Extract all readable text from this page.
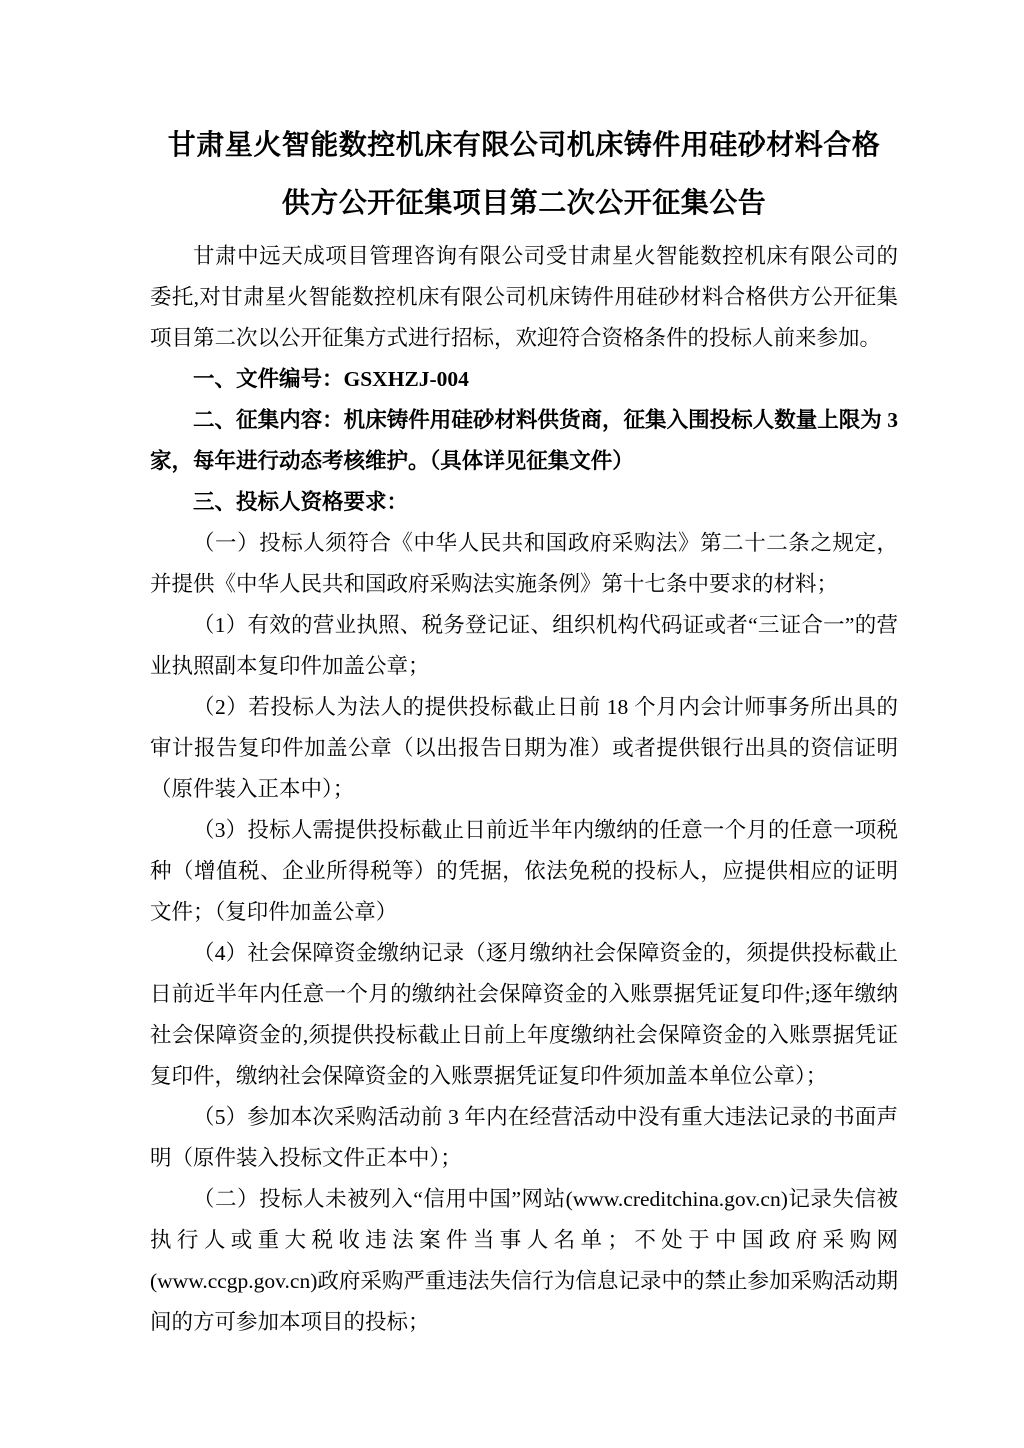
甘肃星火智能数控机床有限公司机床铸件用硅砂材料合格
供方公开征集项目第二次公开征集公告

甘肃中远天成项目管理咨询有限公司受甘肃星火智能数控机床有限公司的委托,对甘肃星火智能数控机床有限公司机床铸件用硅砂材料合格供方公开征集项目第二次以公开征集方式进行招标，欢迎符合资格条件的投标人前来参加。

一、文件编号：GSXHZJ-004

二、征集内容：机床铸件用硅砂材料供货商，征集入围投标人数量上限为 3 家，每年进行动态考核维护。（具体详见征集文件）

三、投标人资格要求：

（一）投标人须符合《中华人民共和国政府采购法》第二十二条之规定，并提供《中华人民共和国政府采购法实施条例》第十七条中要求的材料；

（1）有效的营业执照、税务登记证、组织机构代码证或者“三证合一”的营业执照副本复印件加盖公章；

（2）若投标人为法人的提供投标截止日前 18 个月内会计师事务所出具的审计报告复印件加盖公章（以出报告日期为准）或者提供银行出具的资信证明（原件装入正本中）；

（3）投标人需提供投标截止日前近半年内缴纳的任意一个月的任意一项税种（增值税、企业所得税等）的凭据，依法免税的投标人，应提供相应的证明文件；（复印件加盖公章）

（4）社会保障资金缴纳记录（逐月缴纳社会保障资金的，须提供投标截止日前近半年内任意一个月的缴纳社会保障资金的入账票据凭证复印件;逐年缴纳社会保障资金的,须提供投标截止日前上年度缴纳社会保障资金的入账票据凭证复印件，缴纳社会保障资金的入账票据凭证复印件须加盖本单位公章）；

（5）参加本次采购活动前 3 年内在经营活动中没有重大违法记录的书面声明（原件装入投标文件正本中）；

（二）投标人未被列入“信用中国”网站(www.creditchina.gov.cn)记录失信被执行人或重大税收违法案件当事人名单；不处于中国政府采购网(www.ccgp.gov.cn)政府采购严重违法失信行为信息记录中的禁止参加采购活动期间的方可参加本项目的投标；
